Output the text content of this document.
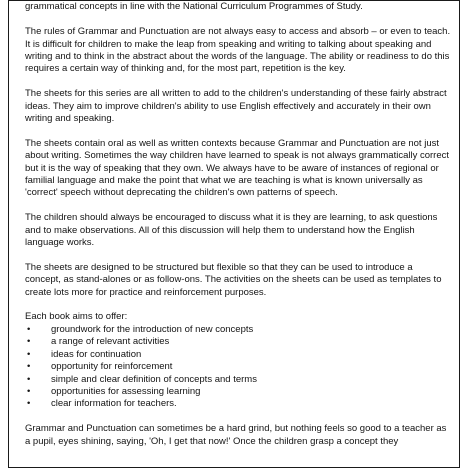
grammatical concepts in line with the National Curriculum Programmes of Study.

The rules of Grammar and Punctuation are not always easy to access and absorb – or even to teach. It is difficult for children to make the leap from speaking and writing to talking about speaking and writing and to think in the abstract about the words of the language. The ability or readiness to do this requires a certain way of thinking and, for the most part, repetition is the key.

The sheets for this series are all written to add to the children's understanding of these fairly abstract ideas. They aim to improve children's ability to use English effectively and accurately in their own writing and speaking.

The sheets contain oral as well as written contexts because Grammar and Punctuation are not just about writing. Sometimes the way children have learned to speak is not always grammatically correct but it is the way of speaking that they own. We always have to be aware of instances of regional or familial language and make the point that what we are teaching is what is known universally as 'correct' speech without deprecating the children's own patterns of speech.

The children should always be encouraged to discuss what it is they are learning, to ask questions and to make observations. All of this discussion will help them to understand how the English language works.

The sheets are designed to be structured but flexible so that they can be used to introduce a concept, as stand-alones or as follow-ons. The activities on the sheets can be used as templates to create lots more for practice and reinforcement purposes.

Each book aims to offer:

• groundwork for the introduction of new concepts
• a range of relevant activities
• ideas for continuation
• opportunity for reinforcement
• simple and clear definition of concepts and terms
• opportunities for assessing learning
• clear information for teachers.

Grammar and Punctuation can sometimes be a hard grind, but nothing feels so good to a teacher as a pupil, eyes shining, saying, 'Oh, I get that now!' Once the children grasp a concept they
